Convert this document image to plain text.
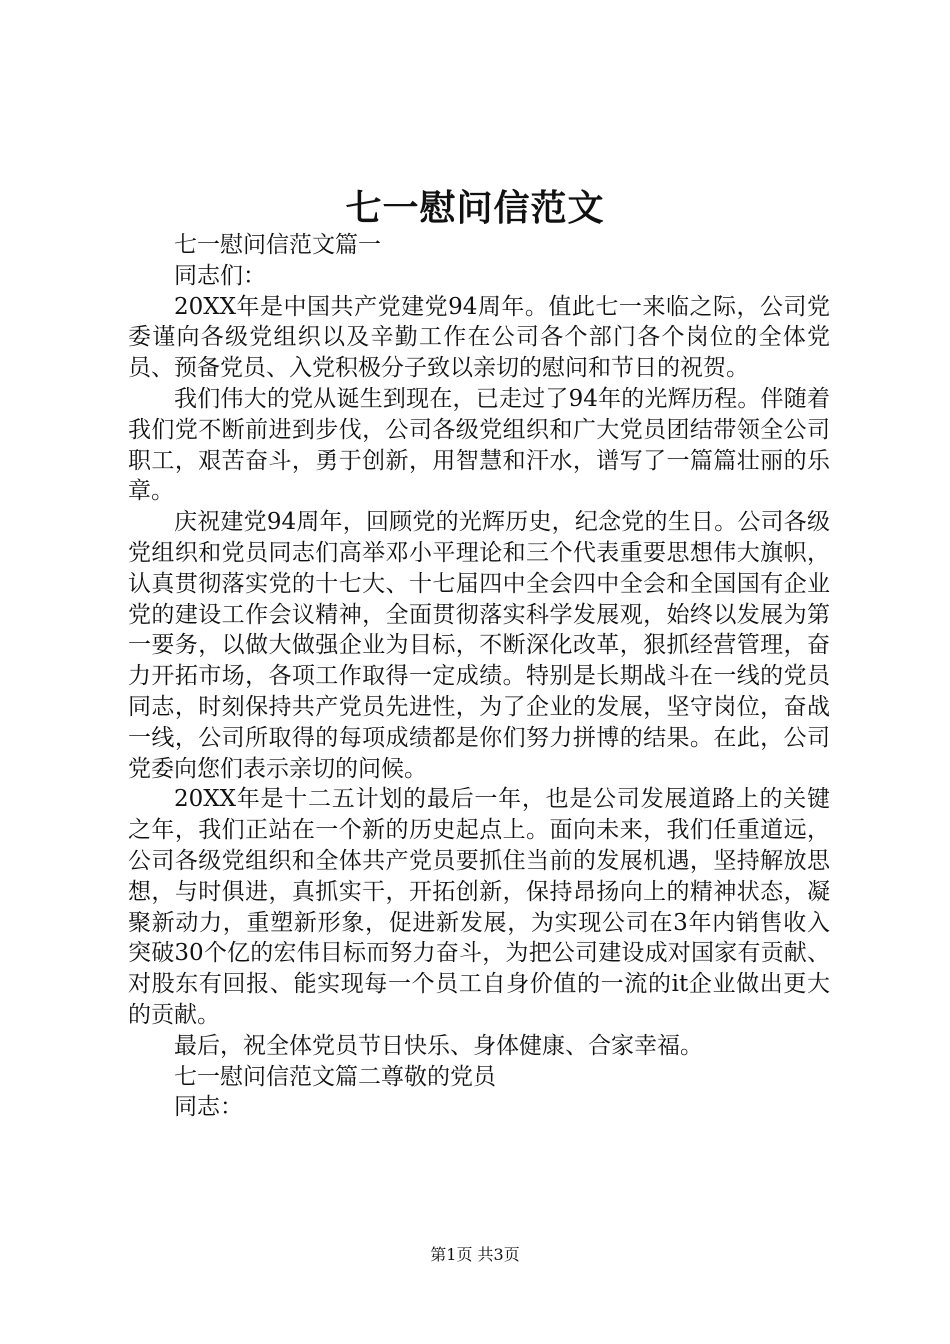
七一慰问信范文

七一慰问信范文篇一

同志们：

20XX年是中国共产党建党94周年。值此七一来临之际，公司党委谨向各级党组织以及辛勤工作在公司各个部门各个岗位的全体党员、预备党员、入党积极分子致以亲切的慰问和节日的祝贺。

我们伟大的党从诞生到现在，已走过了94年的光辉历程。伴随着我们党不断前进到步伐，公司各级党组织和广大党员团结带领全公司职工，艰苦奋斗，勇于创新，用智慧和汗水，谱写了一篇篇壮丽的乐章。

庆祝建党94周年，回顾党的光辉历史，纪念党的生日。公司各级党组织和党员同志们高举邓小平理论和三个代表重要思想伟大旗帜，认真贯彻落实党的十七大、十七届四中全会四中全会和全国国有企业党的建设工作会议精神，全面贯彻落实科学发展观，始终以发展为第一要务，以做大做强企业为目标，不断深化改革，狠抓经营管理，奋力开拓市场，各项工作取得一定成绩。特别是长期战斗在一线的党员同志，时刻保持共产党员先进性，为了企业的发展，坚守岗位，奋战一线，公司所取得的每项成绩都是你们努力拼博的结果。在此，公司党委向您们表示亲切的问候。

20XX年是十二五计划的最后一年，也是公司发展道路上的关键之年，我们正站在一个新的历史起点上。面向未来，我们任重道远，公司各级党组织和全体共产党员要抓住当前的发展机遇，坚持解放思想，与时俱进，真抓实干，开拓创新，保持昂扬向上的精神状态，凝聚新动力，重塑新形象，促进新发展，为实现公司在3年内销售收入突破30个亿的宏伟目标而努力奋斗，为把公司建设成对国家有贡献、对股东有回报、能实现每一个员工自身价值的一流的it企业做出更大的贡献。

最后，祝全体党员节日快乐、身体健康、合家幸福。

七一慰问信范文篇二尊敬的党员

同志：

第1页 共3页
